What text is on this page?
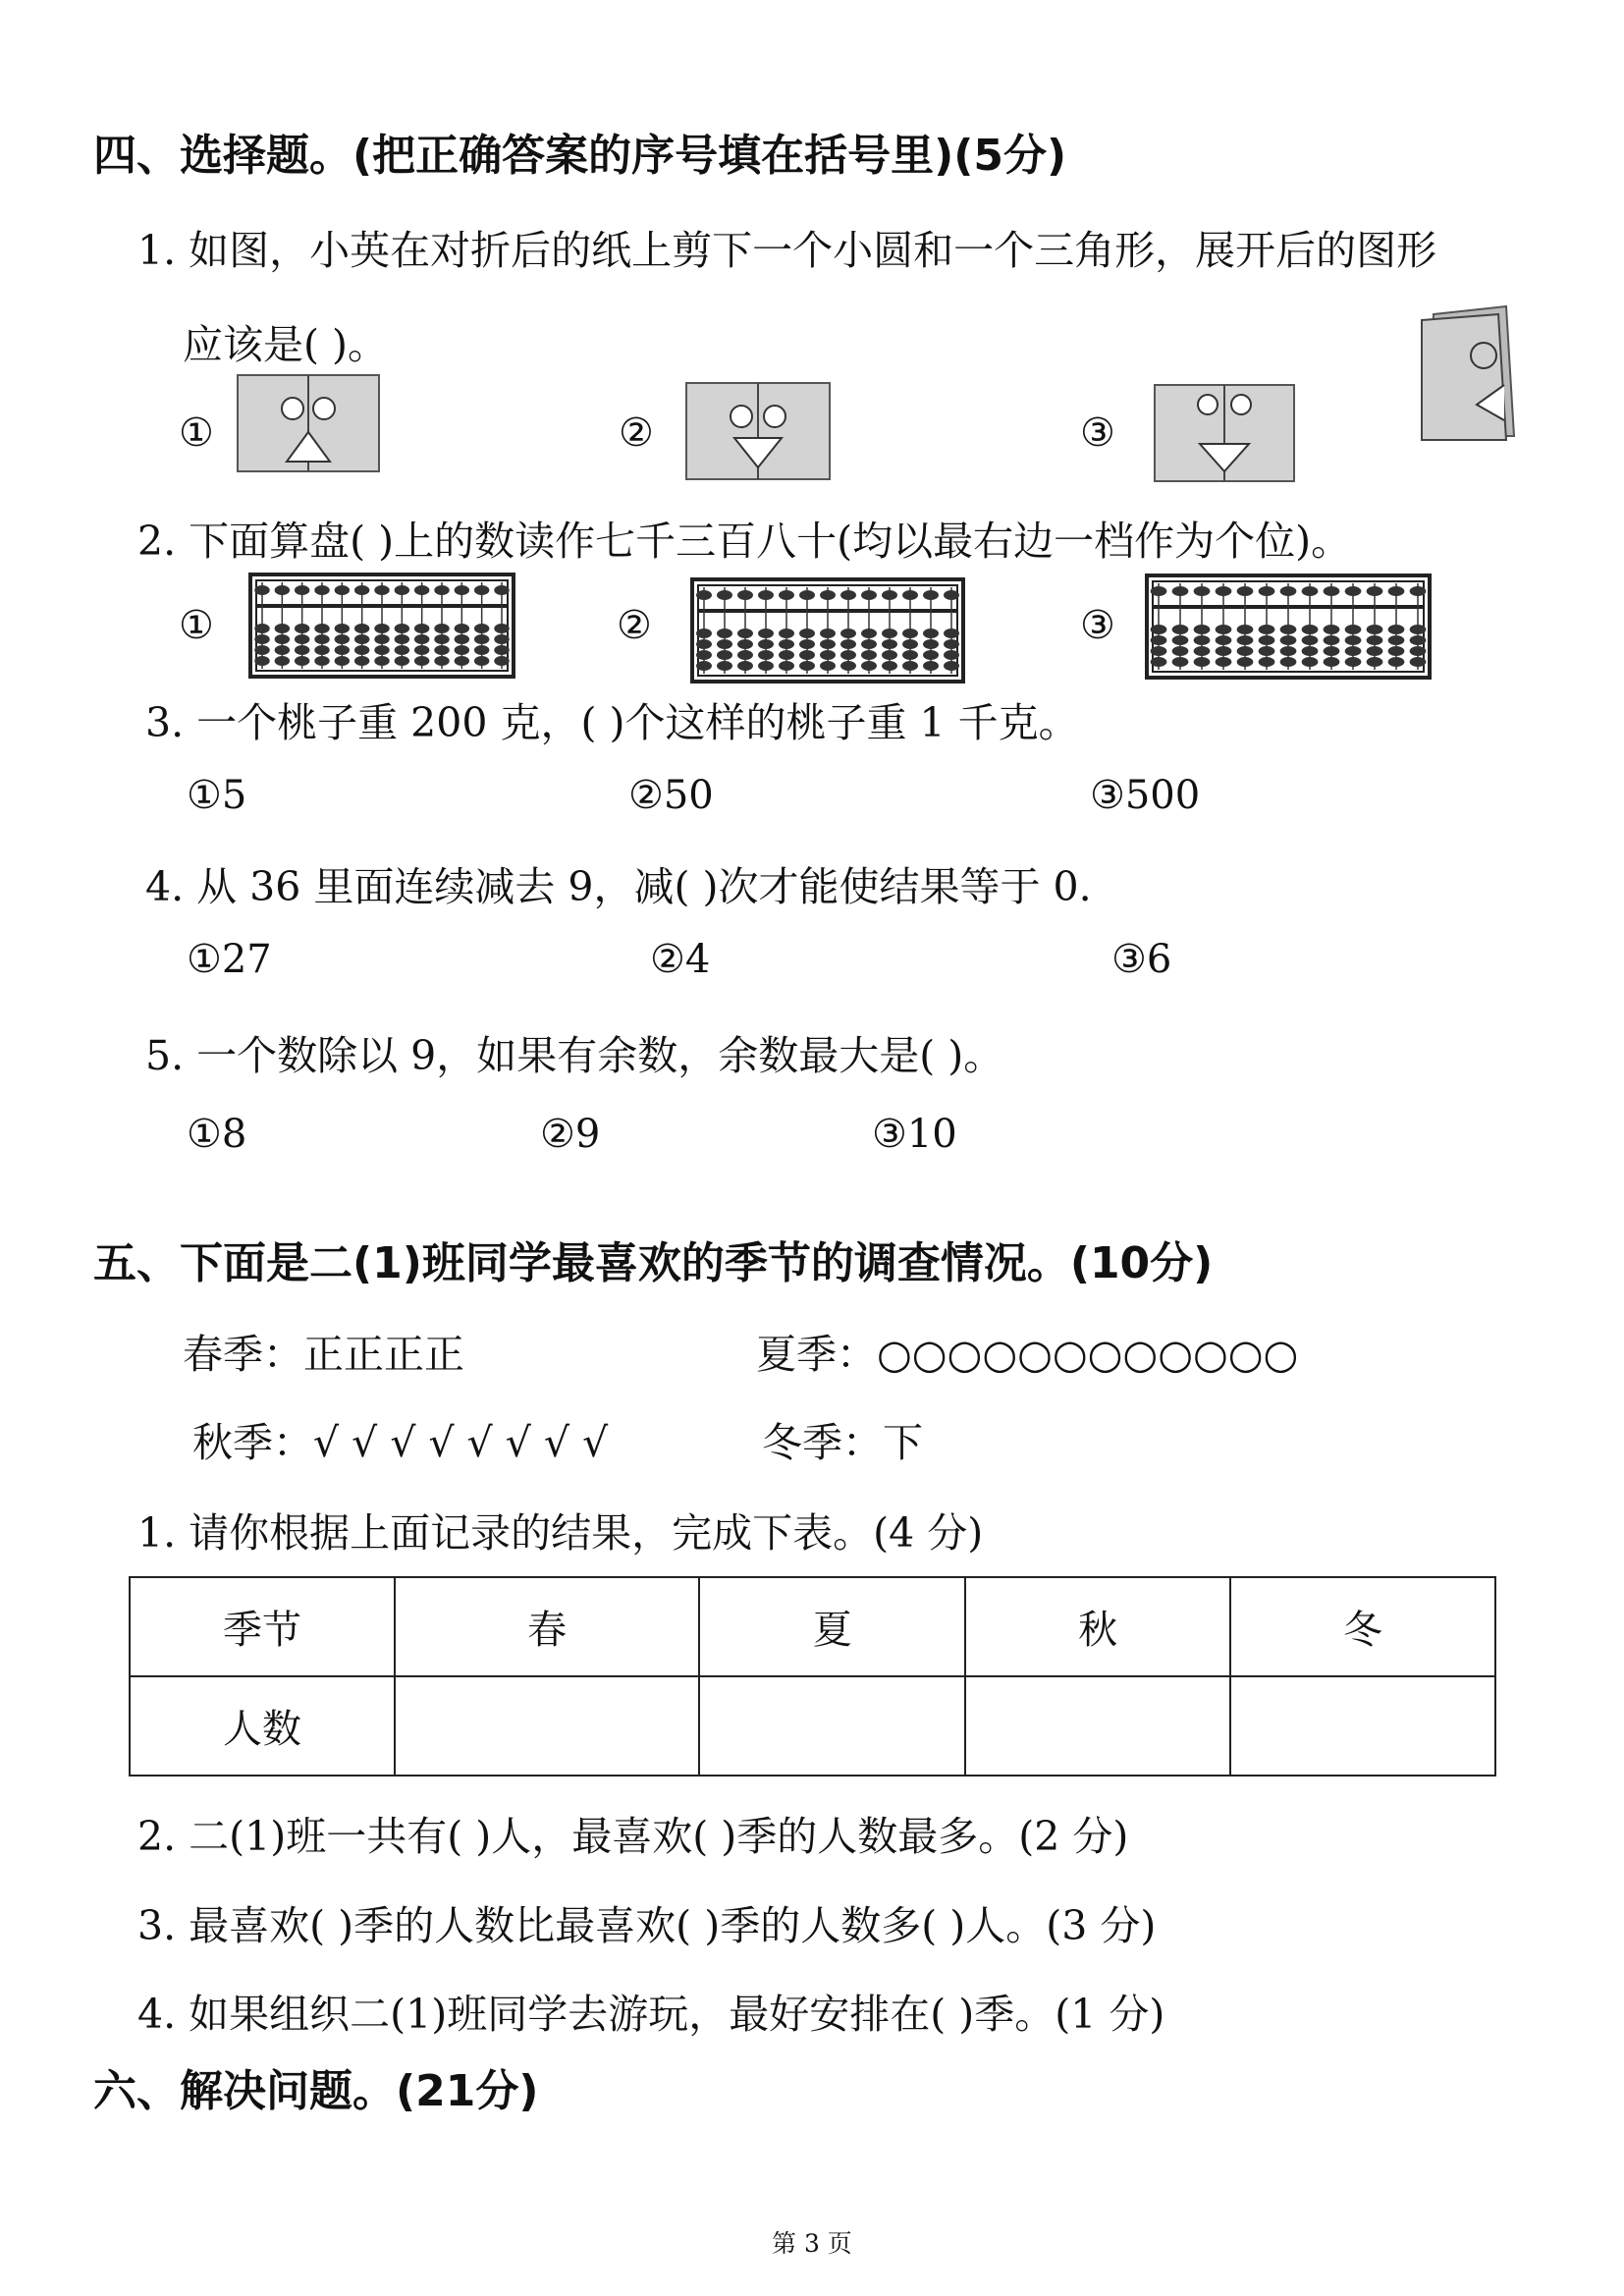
四、选择题。(把正确答案的序号填在括号里)(5分)
1. 如图，小英在对折后的纸上剪下一个小圆和一个三角形，展开后的图形
应该是( )。
①	②	③
2. 下面算盘( )上的数读作七千三百八十(均以最右边一档作为个位)。
①	②	③
3. 一个桃子重 200 克，( )个这样的桃子重 1 千克。
①5	②50	③500
4. 从 36 里面连续减去 9，减( )次才能使结果等于 0.
①27	②4	③6
5. 一个数除以 9，如果有余数，余数最大是( )。
①8	②9	③10
五、下面是二(1)班同学最喜欢的季节的调查情况。(10分)
春季：正正正正	夏季：○○○○○○○○○○○○
秋季：√ √ √ √ √ √ √ √	冬季：下
1. 请你根据上面记录的结果，完成下表。(4 分)
季节	春	夏	秋	冬
人数				
2. 二(1)班一共有( )人，最喜欢( )季的人数最多。(2 分)
3. 最喜欢( )季的人数比最喜欢( )季的人数多( )人。(3 分)
4. 如果组织二(1)班同学去游玩，最好安排在( )季。(1 分)
六、解决问题。(21分)
第 3 页
